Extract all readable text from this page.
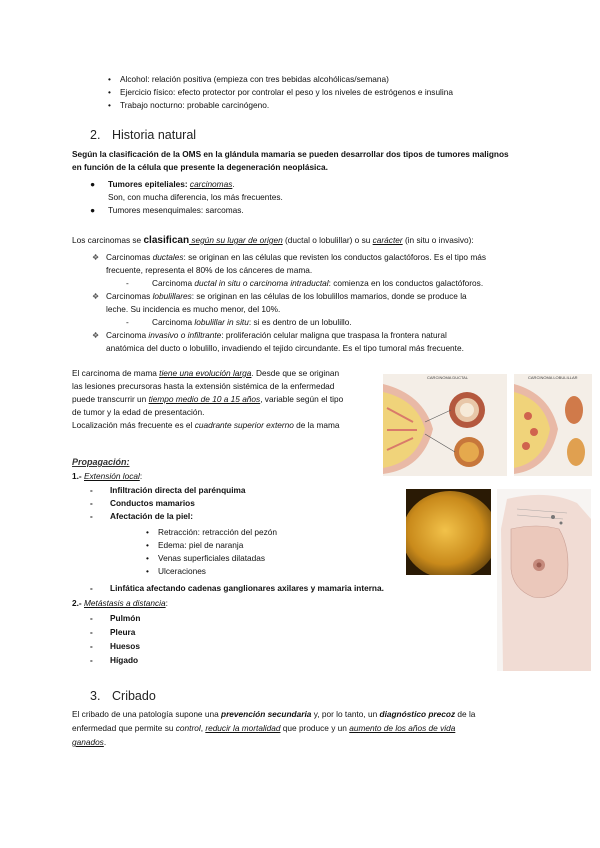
• Alcohol: relación positiva (empieza con tres bebidas alcohólicas/semana)
• Ejercicio físico: efecto protector por controlar el peso y los niveles de estrógenos e insulina
• Trabajo nocturno: probable carcinógeno.
2. Historia natural
Según la clasificación de la OMS en la glándula mamaria se pueden desarrollar dos tipos de tumores malignos
en función de la célula que presente la degeneración neoplásica.
● Tumores epiteliales: carcinomas.
Son, con mucha diferencia, los más frecuentes.
● Tumores mesenquimales: sarcomas.
Los carcinomas se clasifican según su lugar de origen (ductal o lobulillar) o su carácter (in situ o invasivo):
❖ Carcinomas ductales: se originan en las células que revisten los conductos galactóforos. Es el tipo más
frecuente, representa el 80% de los cánceres de mama.
-	Carcinoma ductal in situ o carcinoma intraductal: comienza en los conductos galactóforos.
❖ Carcinomas lobulillares: se originan en las células de los lobulillos mamarios, donde se produce la
leche. Su incidencia es mucho menor, del 10%.
-	Carcinoma lobulillar in situ: si es dentro de un lobulillo.
❖ Carcinoma invasivo o infiltrante: proliferación celular maligna que traspasa la frontera natural
anatómica del ducto o lobulillo, invadiendo el tejido circundante. Es el tipo tumoral más frecuente.
El carcinoma de mama tiene una evolución larga. Desde que se originan
las lesiones precursoras hasta la extensión sistémica de la enfermedad
puede transcurrir un tiempo medio de 10 a 15 años, variable según el tipo
de tumor y la edad de presentación.
Localización más frecuente es el cuadrante superior externo de la mama
CARCINOMA DUCTAL	CARCINOMA LOBULILLAR
Propagación:
1.- Extensión local:
- Infiltración directa del parénquima
- Conductos mamarios
- Afectación de la piel:
• Retracción: retracción del pezón
• Edema: piel de naranja
• Venas superficiales dilatadas
• Ulceraciones
- Linfática afectando cadenas ganglionares axilares y mamaria interna.
2.- Metástasis a distancia:
- Pulmón
- Pleura
- Huesos
- Hígado
3. Cribado
El cribado de una patología supone una prevención secundaria y, por lo tanto, un diagnóstico precoz de la
enfermedad que permite su control, reducir la mortalidad que produce y un aumento de los años de vida
ganados.
